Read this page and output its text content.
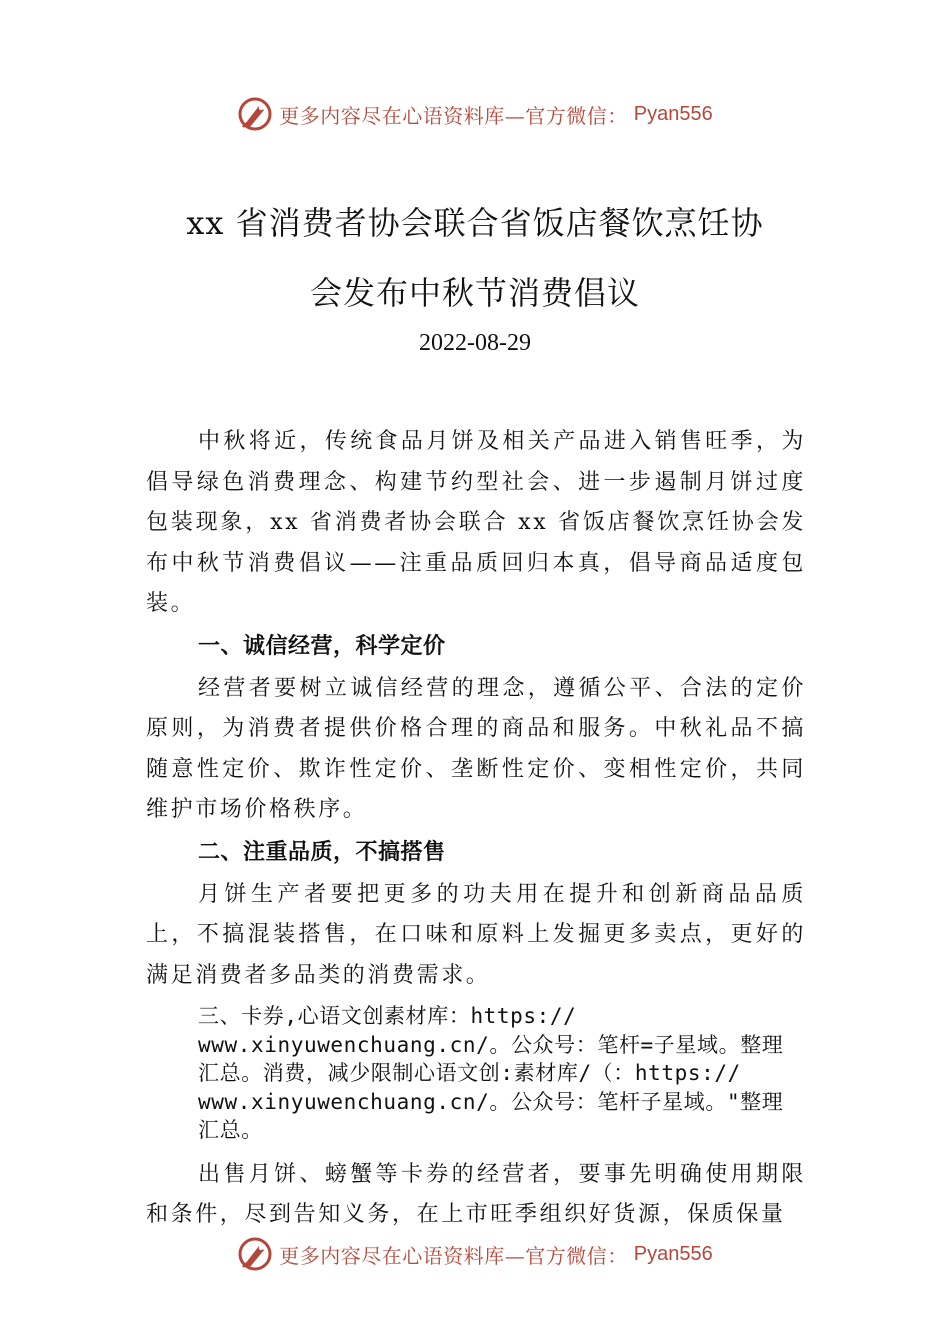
更多内容尽在心语资料库—官方微信： Pyan556
xx 省消费者协会联合省饭店餐饮烹饪协
会发布中秋节消费倡议
2022-08-29

中秋将近，传统食品月饼及相关产品进入销售旺季，为倡导绿色消费理念、构建节约型社会、进一步遏制月饼过度包装现象，xx 省消费者协会联合 xx 省饭店餐饮烹饪协会发布中秋节消费倡议——注重品质回归本真，倡导商品适度包装。

一、诚信经营，科学定价

经营者要树立诚信经营的理念，遵循公平、合法的定价原则，为消费者提供价格合理的商品和服务。中秋礼品不搞随意性定价、欺诈性定价、垄断性定价、变相性定价，共同维护市场价格秩序。

二、注重品质，不搞搭售

月饼生产者要把更多的功夫用在提升和创新商品品质上，不搞混装搭售，在口味和原料上发掘更多卖点，更好的满足消费者多品类的消费需求。

三、卡券,心语文创素材库：https://
www.xinyuwenchuang.cn/。公众号：笔杆=子星域。整理
汇总。消费，减少限制心语文创:素材库/（：https://
www.xinyuwenchuang.cn/。公众号：笔杆子星域。"整理
汇总。

出售月饼、螃蟹等卡券的经营者，要事先明确使用期限和条件，尽到告知义务，在上市旺季组织好货源，保质保量

更多内容尽在心语资料库—官方微信： Pyan556
